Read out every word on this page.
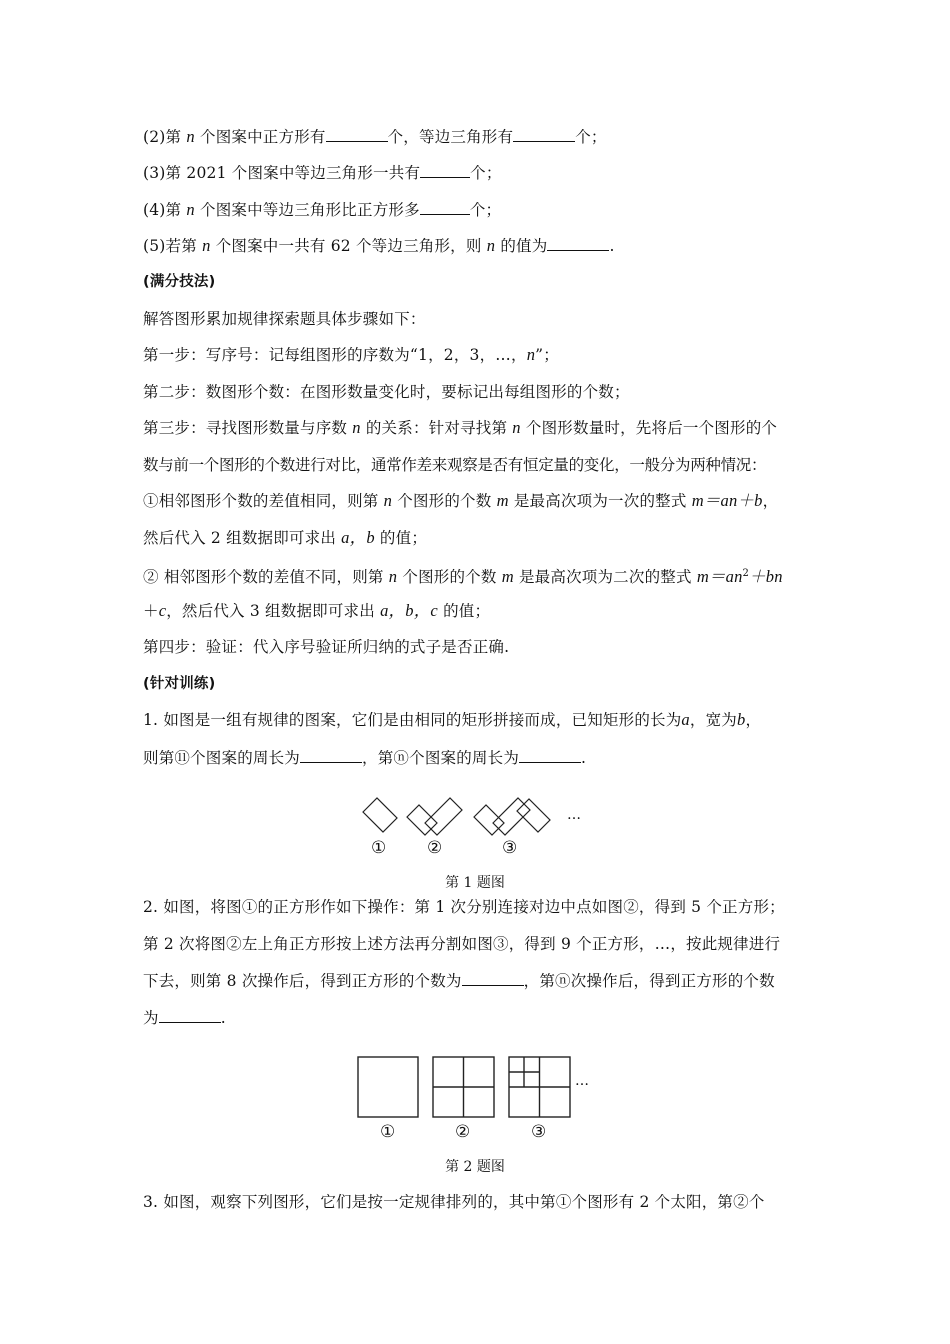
(2)第 n 个图案中正方形有	个，等边三角形有	个；
(3)第 2021 个图案中等边三角形一共有	个；
(4)第 n 个图案中等边三角形比正方形多	个；
(5)若第 n 个图案中一共有 62 个等边三角形，则 n 的值为	.
(满分技法)
解答图形累加规律探索题具体步骤如下：
第一步：写序号：记每组图形的序数为“1，2，3，…，n”；
第二步：数图形个数：在图形数量变化时，要标记出每组图形的个数；
第三步：寻找图形数量与序数 n 的关系：针对寻找第 n 个图形数量时，先将后一个图形的个
数与前一个图形的个数进行对比，通常作差来观察是否有恒定量的变化，一般分为两种情况：
①相邻图形个数的差值相同，则第 n 个图形的个数 m 是最高次项为一次的整式 m＝an＋b，
然后代入 2 组数据即可求出 a，b 的值；
② 相邻图形个数的差值不同，则第 n 个图形的个数 m 是最高次项为二次的整式 $m=an^2+bn$
＋c，然后代入 3 组数据即可求出 a，b，c 的值；
第四步：验证：代入序号验证所归纳的式子是否正确.
(针对训练)
1. 如图是一组有规律的图案，它们是由相同的矩形拼接而成，已知矩形的长为a，宽为b，
则第⑪个图案的周长为	，第ⓝ个图案的周长为	.
2. 如图，将图①的正方形作如下操作：第 1 次分别连接对边中点如图②，得到 5 个正方形；
第 2 次将图②左上角正方形按上述方法再分割如图③，得到 9 个正方形，…，按此规律进行
下去，则第 8 次操作后，得到正方形的个数为	，第ⓝ次操作后，得到正方形的个数
为	.
3. 如图，观察下列图形，它们是按一定规律排列的，其中第①个图形有 2 个太阳，第②个
① ②	③
…
第 1 题图
①	②	③
…
第 2 题图
